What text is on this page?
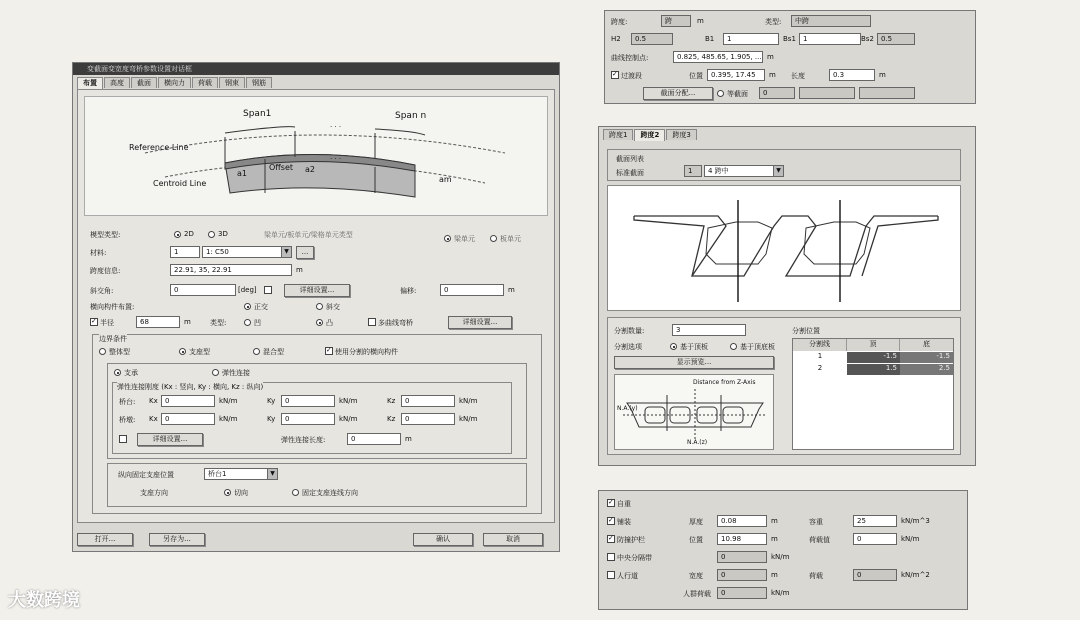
变截面变宽度弯桥参数设置对话框
布置	高度	截面	横向力	荷载	钢束	钢筋
Span1	Span n
· · ·
· · ·
Reference Line
Centroid Line
a1
Offset a2
am
模型类型:	2D	3D	梁单元/板单元/梁格单元类型	梁单元	板单元
材料:	1	1: C50	▼	...
跨度信息:	22.91, 35, 22.91	m
斜交角:	0	[deg]	详细设置...	偏移:	0	m
横向构件布置:	正交	斜交
✓
半径	68	m	类型:	凹	凸	多曲线弯桥	详细设置...
边界条件
整体型	支座型	混合型
✓	使用分割的横向构件
支承	弹性连接
弹性连接刚度 (Kx : 竖向, Ky : 横向, Kz : 纵向)
桥台: Kx	0	kN/m	Ky	0	kN/m	Kz	0	kN/m
桥墩: Kx	0	kN/m	Ky	0	kN/m	Kz	0	kN/m
详细设置...	弹性连接长度:	0	m
纵向固定支座位置	桥台1	▼
支座方向	切向	固定支座连线方向
打开...	另存为...	确认	取消
跨度:	跨	m	类型:	中跨
H2	0.5	B1	1	Bs1	1	Bs2	0.5
曲线控制点:	0.825, 485.65, 1.905, ... m
✓
过渡段	位置	0.395, 17.45	m 长度	0.3	m
截面分配...	等截面	0
跨度1	跨度2	跨度3
截面列表
标准截面	1	4 跨中	▼
分割数量:	3
分割选项	基于顶板	基于顶底板
显示预览...
Distance from Z-Axis
N.A.(y)
N.A.(z)
分割位置
分割线	顶	底
1	-1.5	-1.5
2	1.5	2.5
✓
自重
✓
铺装	厚度	0.08	m	容重	25	kN/m^3
✓
防撞护栏	位置	10.98	m	荷载值	0	kN/m
中央分隔带	0	kN/m
人行道	宽度	0	m	荷载	0	kN/m^2
人群荷载	0	kN/m
大数跨境
